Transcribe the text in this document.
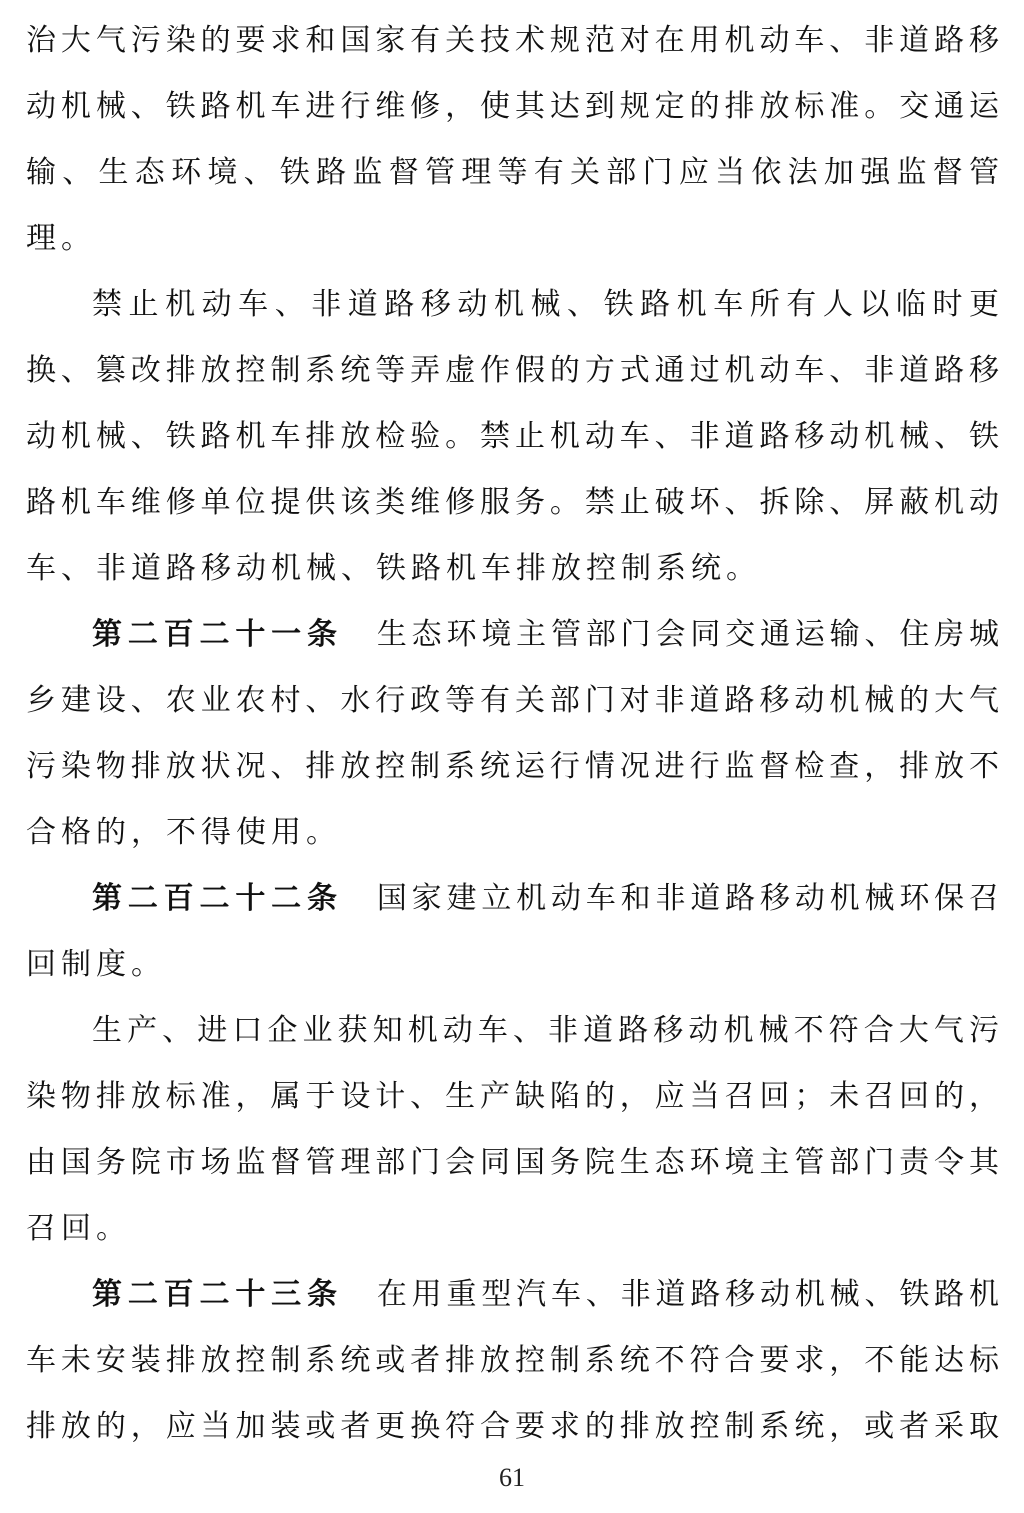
治大气污染的要求和国家有关技术规范对在用机动车、非道路移
动机械、铁路机车进行维修，使其达到规定的排放标准。交通运
输、生态环境、铁路监督管理等有关部门应当依法加强监督管
理。
禁止机动车、非道路移动机械、铁路机车所有人以临时更
换、篡改排放控制系统等弄虚作假的方式通过机动车、非道路移
动机械、铁路机车排放检验。禁止机动车、非道路移动机械、铁
路机车维修单位提供该类维修服务。禁止破坏、拆除、屏蔽机动
车、非道路移动机械、铁路机车排放控制系统。
第二百二十一条 生态环境主管部门会同交通运输、住房城
乡建设、农业农村、水行政等有关部门对非道路移动机械的大气
污染物排放状况、排放控制系统运行情况进行监督检查，排放不
合格的，不得使用。
第二百二十二条 国家建立机动车和非道路移动机械环保召
回制度。
生产、进口企业获知机动车、非道路移动机械不符合大气污
染物排放标准，属于设计、生产缺陷的，应当召回；未召回的，
由国务院市场监督管理部门会同国务院生态环境主管部门责令其
召回。
第二百二十三条 在用重型汽车、非道路移动机械、铁路机
车未安装排放控制系统或者排放控制系统不符合要求，不能达标
排放的，应当加装或者更换符合要求的排放控制系统，或者采取
61
